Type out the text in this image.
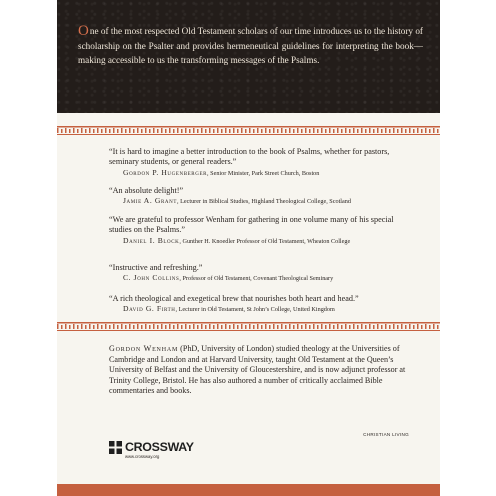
One of the most respected Old Testament scholars of our time introduces us to the history of scholarship on the Psalter and provides hermeneutical guidelines for interpreting the book—making accessible to us the transforming messages of the Psalms.
“It is hard to imagine a better introduction to the book of Psalms, whether for pastors, seminary students, or general readers.”
Gordon P. Hugenberger, Senior Minister, Park Street Church, Boston
“An absolute delight!”
Jamie A. Grant, Lecturer in Biblical Studies, Highland Theological College, Scotland
“We are grateful to professor Wenham for gathering in one volume many of his special studies on the Psalms.”
Daniel I. Block, Gunther H. Knoedler Professor of Old Testament, Wheaton College
“Instructive and refreshing.”
C. John Collins, Professor of Old Testament, Covenant Theological Seminary
“A rich theological and exegetical brew that nourishes both heart and head.”
David G. Firth, Lecturer in Old Testament, St John’s College, United Kingdom
Gordon Wenham (PhD, University of London) studied theology at the Universities of Cambridge and London and at Harvard University, taught Old Testament at the Queen’s University of Belfast and the University of Gloucestershire, and is now adjunct professor at Trinity College, Bristol. He has also authored a number of critically acclaimed Bible commentaries and books.
CHRISTIAN LIVING
CROSSWAY
www.crossway.org
